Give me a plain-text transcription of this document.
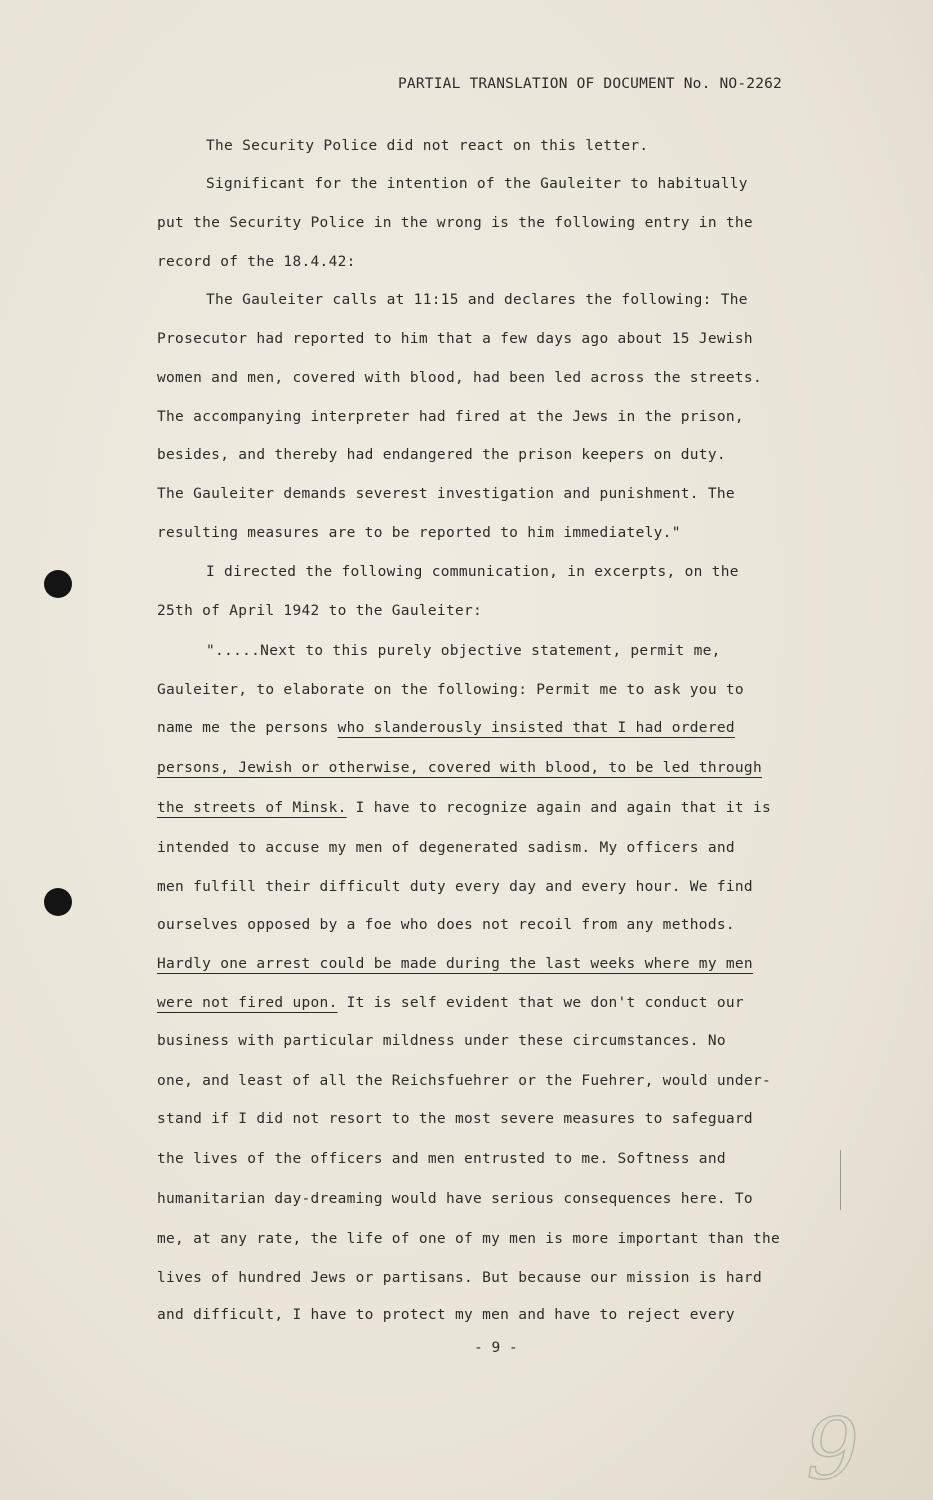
PARTIAL TRANSLATION OF DOCUMENT No. NO-2262
The Security Police did not react on this letter.
Significant for the intention of the Gauleiter to habitually
put the Security Police in the wrong is the following entry in the
record of the 18.4.42:
The Gauleiter calls at 11:15 and declares the following: The
Prosecutor had reported to him that a few days ago about 15 Jewish
women and men, covered with blood, had been led across the streets.
The accompanying interpreter had fired at the Jews in the prison,
besides, and thereby had endangered the prison keepers on duty.
The Gauleiter demands severest investigation and punishment. The
resulting measures are to be reported to him immediately."
I directed the following communication, in excerpts, on the
25th of April 1942 to the Gauleiter:
".....Next to this purely objective statement, permit me,
Gauleiter, to elaborate on the following: Permit me to ask you to
name me the persons who slanderously insisted that I had ordered
persons, Jewish or otherwise, covered with blood, to be led through
the streets of Minsk. I have to recognize again and again that it is
intended to accuse my men of degenerated sadism. My officers and
men fulfill their difficult duty every day and every hour. We find
ourselves opposed by a foe who does not recoil from any methods.
Hardly one arrest could be made during the last weeks where my men
were not fired upon. It is self evident that we don't conduct our
business with particular mildness under these circumstances. No
one, and least of all the Reichsfuehrer or the Fuehrer, would under-
stand if I did not resort to the most severe measures to safeguard
the lives of the officers and men entrusted to me. Softness and
humanitarian day-dreaming would have serious consequences here. To
me, at any rate, the life of one of my men is more important than the
lives of hundred Jews or partisans. But because our mission is hard
and difficult, I have to protect my men and have to reject every
- 9 -
9
